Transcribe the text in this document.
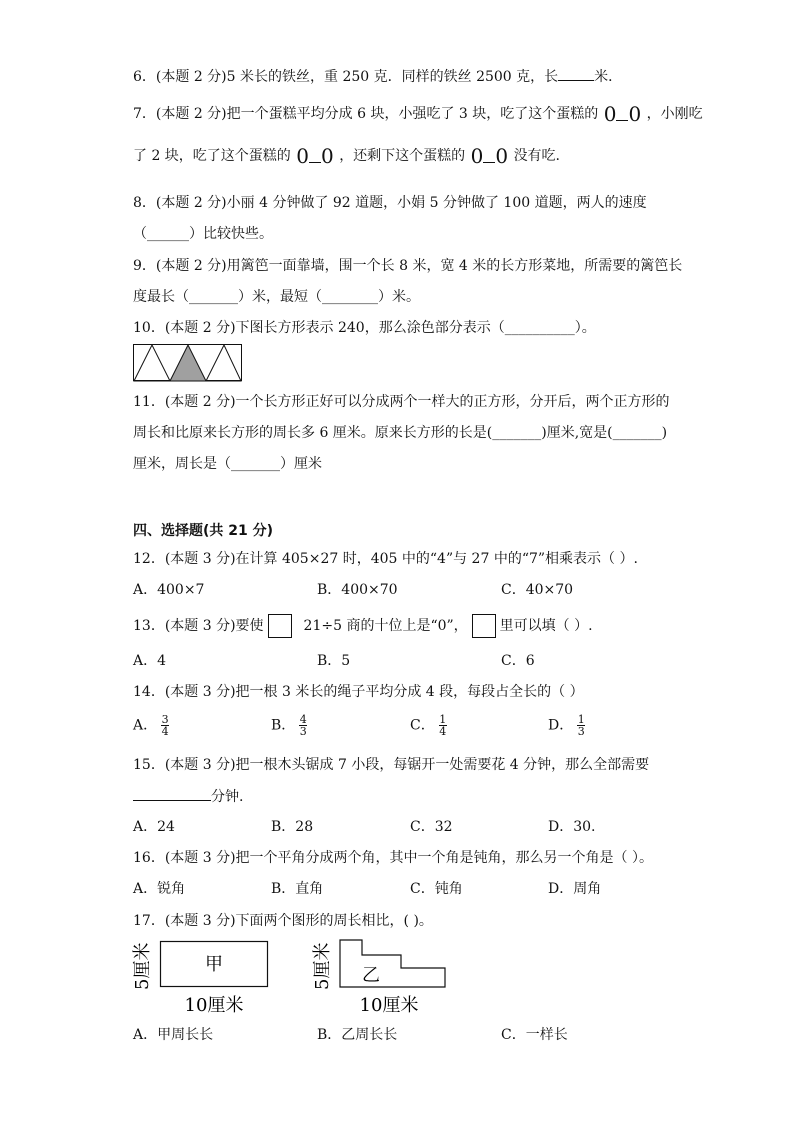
6．(本题 2 分)5 米长的铁丝，重 250 克．同样的铁丝 2500 克，长	米．
7．(本题 2 分)把一个蛋糕平均分成 6 块，小强吃了 3 块，吃了这个蛋糕的 0 0 ，小刚吃
了 2 块，吃了这个蛋糕的 0 0 ，还剩下这个蛋糕的 0 0 没有吃.
8．(本题 2 分)小丽 4 分钟做了 92 道题，小娟 5 分钟做了 100 道题，两人的速度
（______）比较快些。
9．(本题 2 分)用篱笆一面靠墙，围一个长 8 米，宽 4 米的长方形菜地，所需要的篱笆长
度最长（_______）米，最短（________）米。
10．(本题 2 分)下图长方形表示 240，那么涂色部分表示（__________）。
11．(本题 2 分)一个长方形正好可以分成两个一样大的正方形，分开后，两个正方形的
周长和比原来长方形的周长多 6 厘米。原来长方形的长是(_______)厘米,宽是(_______)
厘米，周长是（_______）厘米
四、选择题(共 21 分)
12．(本题 3 分)在计算 405×27 时，405 中的“4”与 27 中的“7”相乘表示（ ）.
A．400×7	B．400×70	C．40×70
13．(本题 3 分)要使	21÷5 商的十位上是“0”， 里可以填（ ）.
A．4	B．5	C．6
14．(本题 3 分)把一根 3 米长的绳子平均分成 4 段，每段占全长的（ ）
A． $\frac{3}{4}$	B． $\frac{4}{3}$	C． $\frac{1}{4}$	D． $\frac{1}{3}$
15．(本题 3 分)把一根木头锯成 7 小段，每锯开一处需要花 4 分钟，那么全部需要
分钟.
A．24	B．28	C．32	D．30.
16．(本题 3 分)把一个平角分成两个角，其中一个角是钝角，那么另一个角是（ ）。
A．锐角	B．直角	C．钝角	D．周角
17．(本题 3 分)下面两个图形的周长相比，( )。
5厘米	甲
10厘米
5厘米 乙
10厘米
A．甲周长长	B．乙周长长	C．一样长
